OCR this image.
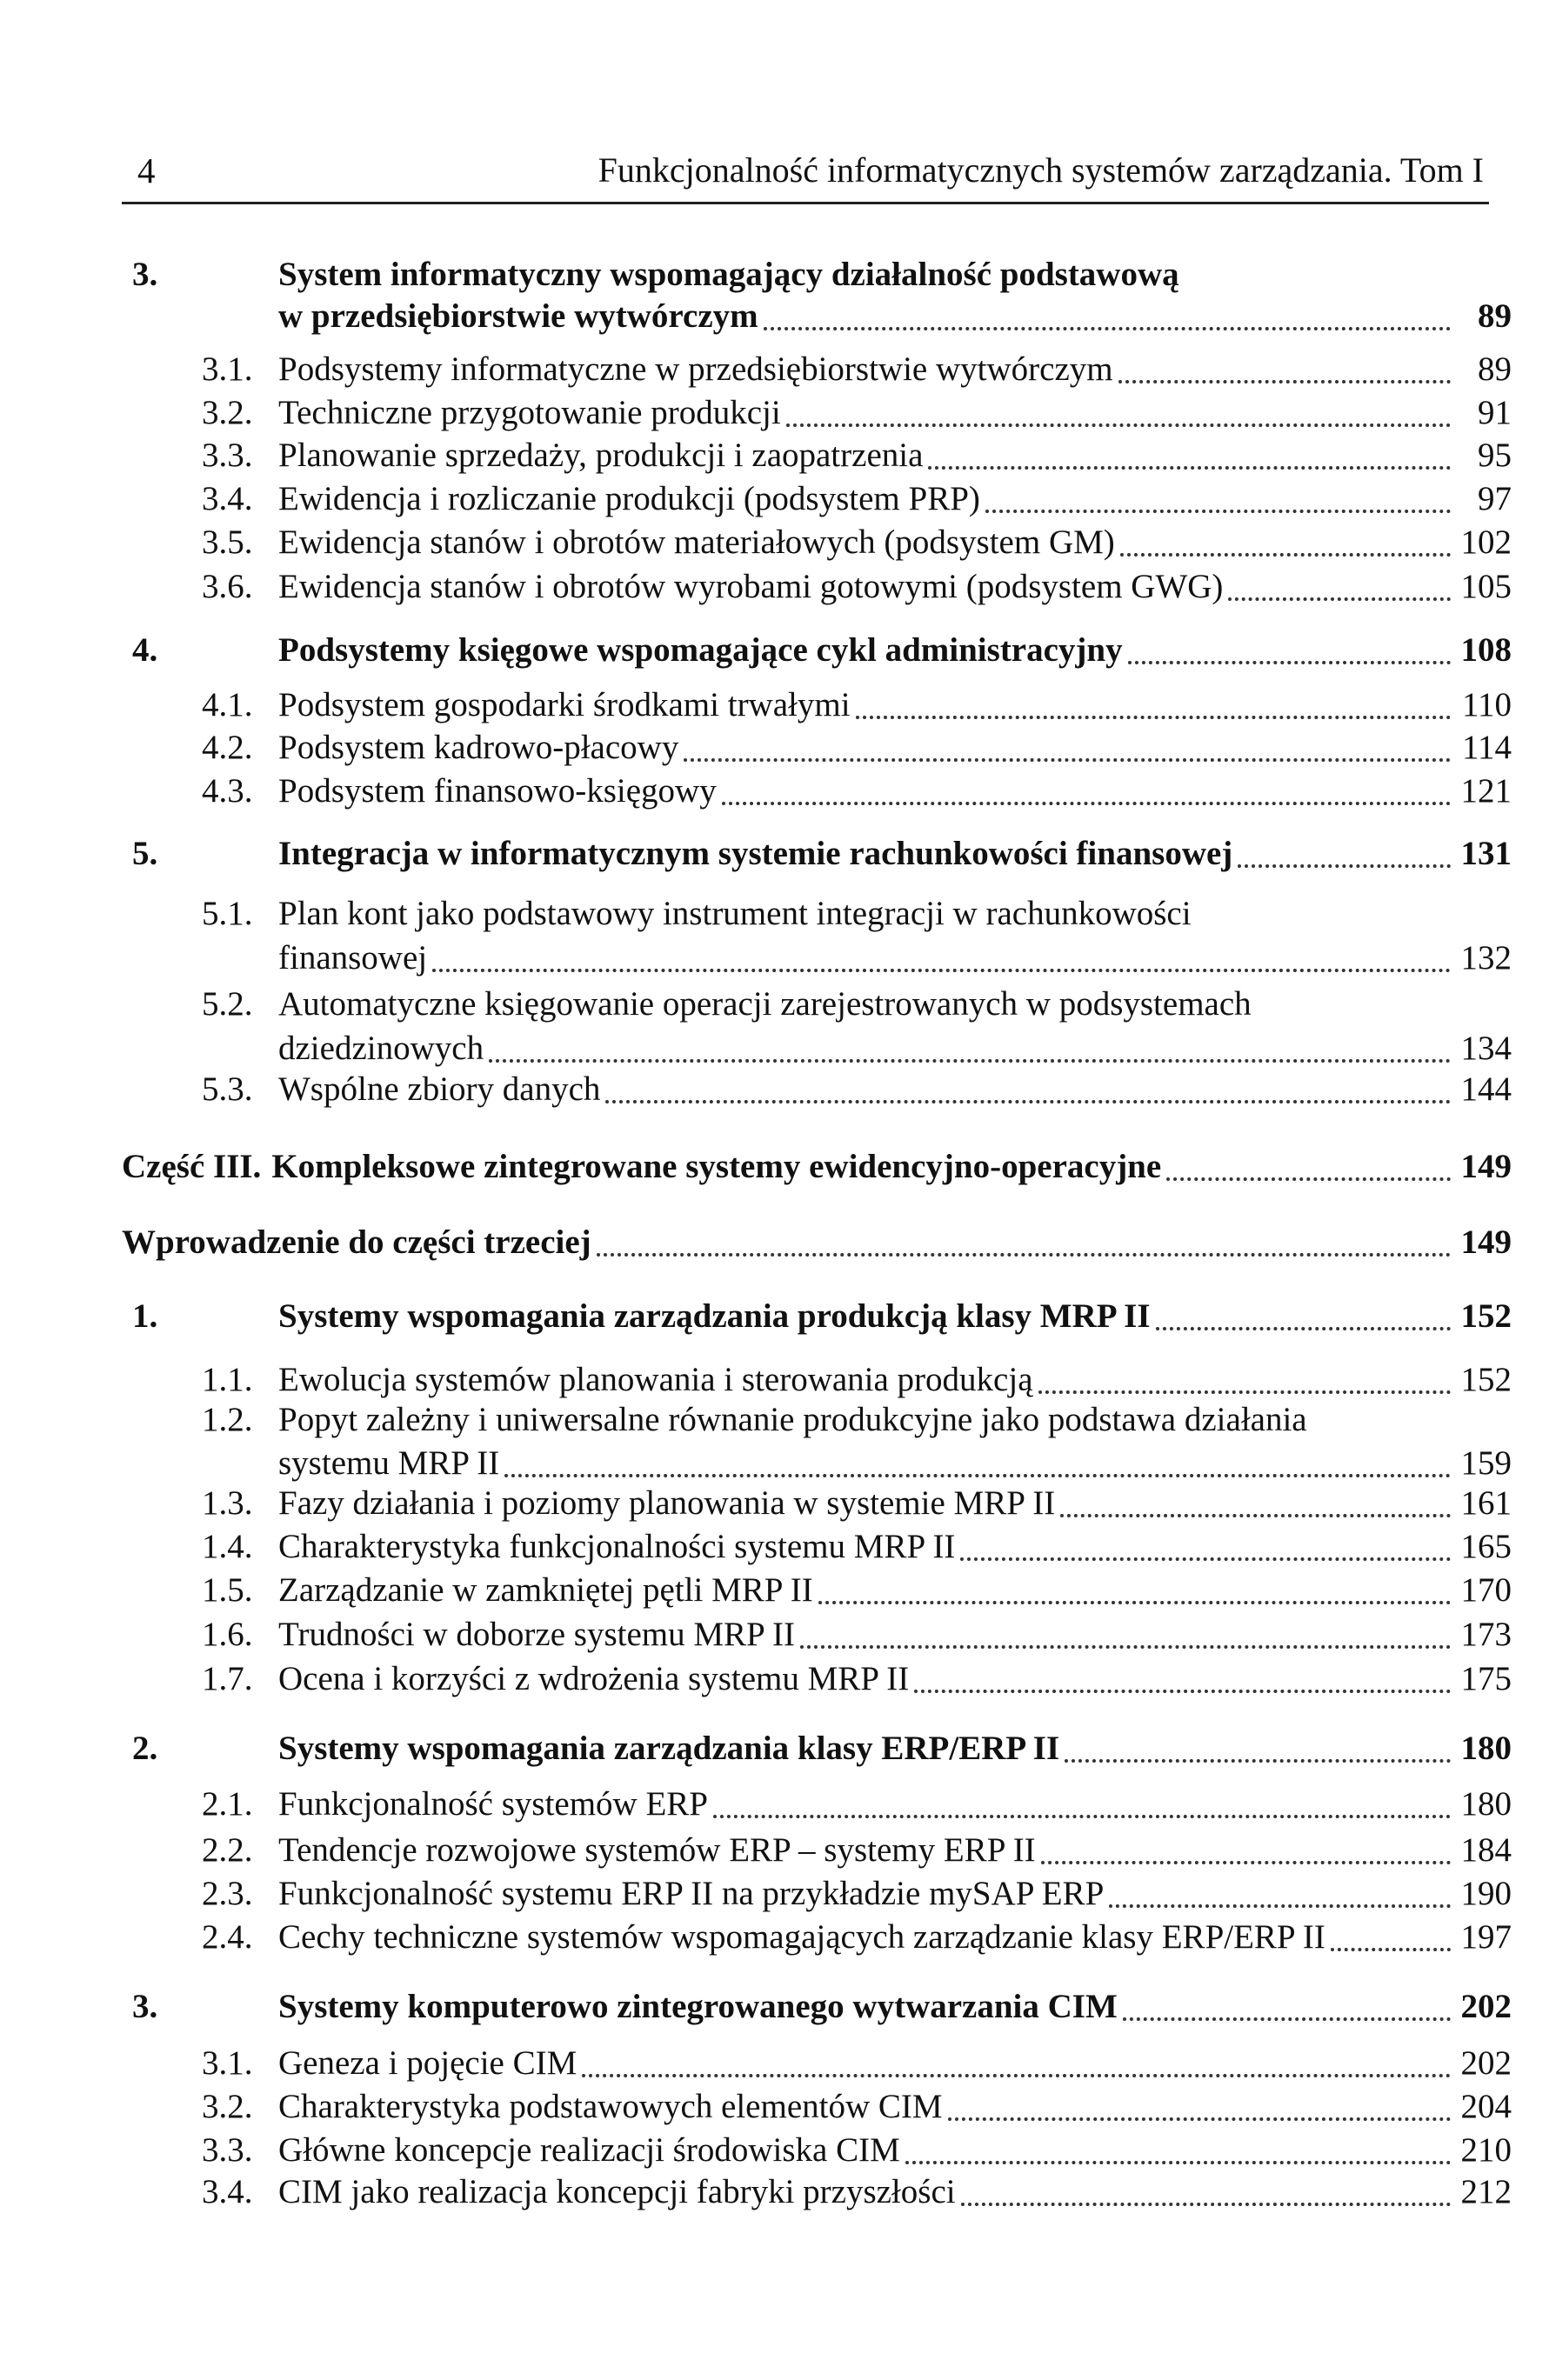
4	Funkcjonalność informatycznych systemów zarządzania. Tom I
3.	System informatyczny wspomagający działalność podstawową
w przedsiębiorstwie wytwórczym	89
3.1. Podsystemy informatyczne w przedsiębiorstwie wytwórczym	89
3.2. Techniczne przygotowanie produkcji	91
3.3. Planowanie sprzedaży, produkcji i zaopatrzenia	95
3.4. Ewidencja i rozliczanie produkcji (podsystem PRP)	97
3.5. Ewidencja stanów i obrotów materiałowych (podsystem GM)	102
3.6. Ewidencja stanów i obrotów wyrobami gotowymi (podsystem GWG)	105
4.	Podsystemy księgowe wspomagające cykl administracyjny	108
4.1. Podsystem gospodarki środkami trwałymi	110
4.2. Podsystem kadrowo-płacowy	114
4.3. Podsystem finansowo-księgowy	121
5.	Integracja w informatycznym systemie rachunkowości finansowej	131
5.1. Plan kont jako podstawowy instrument integracji w rachunkowości
finansowej	132
5.2. Automatyczne księgowanie operacji zarejestrowanych w podsystemach
dziedzinowych	134
5.3. Wspólne zbiory danych	144
Część III. Kompleksowe zintegrowane systemy ewidencyjno-operacyjne	149
Wprowadzenie do części trzeciej	149
1.	Systemy wspomagania zarządzania produkcją klasy MRP II	152
1.1. Ewolucja systemów planowania i sterowania produkcją	152
1.2. Popyt zależny i uniwersalne równanie produkcyjne jako podstawa działania
systemu MRP II	159
1.3. Fazy działania i poziomy planowania w systemie MRP II	161
1.4. Charakterystyka funkcjonalności systemu MRP II	165
1.5. Zarządzanie w zamkniętej pętli MRP II	170
1.6. Trudności w doborze systemu MRP II	173
1.7. Ocena i korzyści z wdrożenia systemu MRP II	175
2.	Systemy wspomagania zarządzania klasy ERP/ERP II	180
2.1. Funkcjonalność systemów ERP	180
2.2. Tendencje rozwojowe systemów ERP – systemy ERP II	184
2.3. Funkcjonalność systemu ERP II na przykładzie mySAP ERP	190
2.4. Cechy techniczne systemów wspomagających zarządzanie klasy ERP/ERP II	197
3.	Systemy komputerowo zintegrowanego wytwarzania CIM	202
3.1. Geneza i pojęcie CIM	202
3.2. Charakterystyka podstawowych elementów CIM	204
3.3. Główne koncepcje realizacji środowiska CIM	210
3.4. CIM jako realizacja koncepcji fabryki przyszłości	212
